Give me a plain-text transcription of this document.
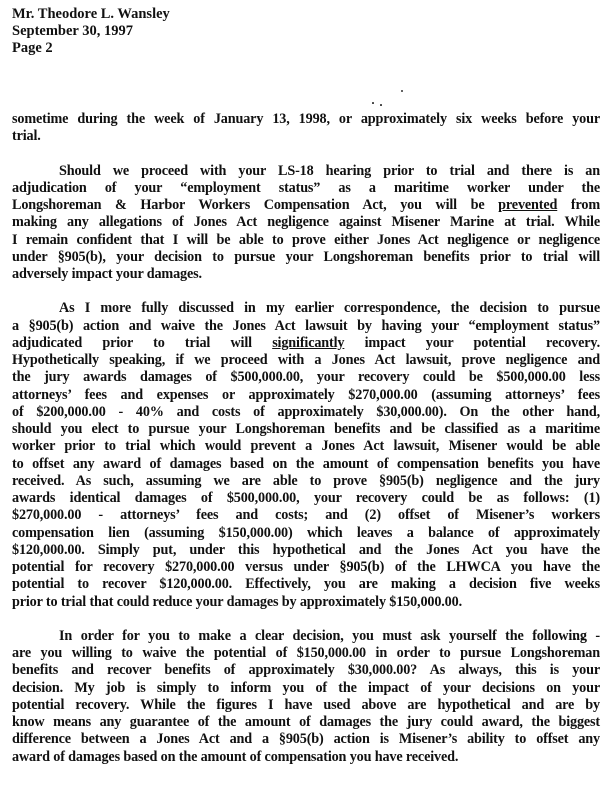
Mr. Theodore L. Wansley
September 30, 1997
Page 2

sometime during the week of January 13, 1998, or approximately six weeks before your
trial.

Should we proceed with your LS-18 hearing prior to trial and there is an
adjudication of your “employment status” as a maritime worker under the
Longshoreman & Harbor Workers Compensation Act, you will be prevented from
making any allegations of Jones Act negligence against Misener Marine at trial. While
I remain confident that I will be able to prove either Jones Act negligence or negligence
under §905(b), your decision to pursue your Longshoreman benefits prior to trial will
adversely impact your damages.

As I more fully discussed in my earlier correspondence, the decision to pursue
a §905(b) action and waive the Jones Act lawsuit by having your “employment status”
adjudicated prior to trial will significantly impact your potential recovery.
Hypothetically speaking, if we proceed with a Jones Act lawsuit, prove negligence and
the jury awards damages of $500,000.00, your recovery could be $500,000.00 less
attorneys’ fees and expenses or approximately $270,000.00 (assuming attorneys’ fees
of $200,000.00 - 40% and costs of approximately $30,000.00). On the other hand,
should you elect to pursue your Longshoreman benefits and be classified as a maritime
worker prior to trial which would prevent a Jones Act lawsuit, Misener would be able
to offset any award of damages based on the amount of compensation benefits you have
received. As such, assuming we are able to prove §905(b) negligence and the jury
awards identical damages of $500,000.00, your recovery could be as follows: (1)
$270,000.00 - attorneys’ fees and costs; and (2) offset of Misener’s workers
compensation lien (assuming $150,000.00) which leaves a balance of approximately
$120,000.00. Simply put, under this hypothetical and the Jones Act you have the
potential for recovery $270,000.00 versus under §905(b) of the LHWCA you have the
potential to recover $120,000.00. Effectively, you are making a decision five weeks
prior to trial that could reduce your damages by approximately $150,000.00.

In order for you to make a clear decision, you must ask yourself the following -
are you willing to waive the potential of $150,000.00 in order to pursue Longshoreman
benefits and recover benefits of approximately $30,000.00? As always, this is your
decision. My job is simply to inform you of the impact of your decisions on your
potential recovery. While the figures I have used above are hypothetical and are by
know means any guarantee of the amount of damages the jury could award, the biggest
difference between a Jones Act and a §905(b) action is Misener’s ability to offset any
award of damages based on the amount of compensation you have received.
